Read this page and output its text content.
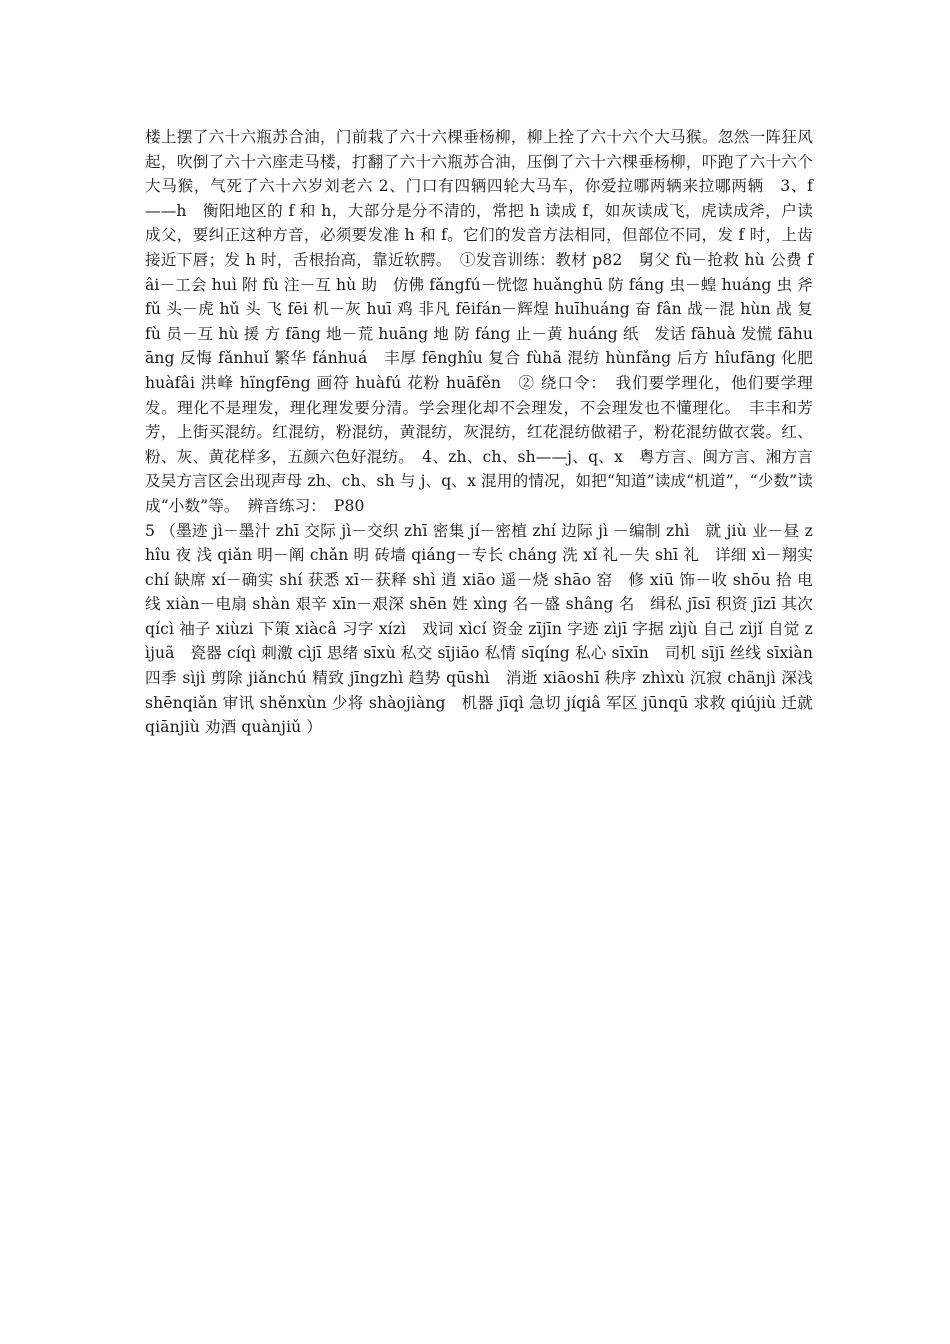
楼上摆了六十六瓶苏合油，门前栽了六十六棵垂杨柳，柳上拴了六十六个大马猴。忽然一阵狂风起，吹倒了六十六座走马楼，打翻了六十六瓶苏合油，压倒了六十六棵垂杨柳，吓跑了六十六个大马猴，气死了六十六岁刘老六 2、门口有四辆四轮大马车，你爱拉哪两辆来拉哪两辆　3、f——h　衡阳地区的 f 和 h，大部分是分不清的，常把 h 读成 f，如灰读成飞，虎读成斧，户读成父，要纠正这种方音，必须要发准 h 和 f。它们的发音方法相同，但部位不同，发 f 时，上齿接近下唇；发 h 时，舌根抬高，靠近软腭。　①发音训练：教材 p82　舅父 fù－抢救 hù 公费 fâi－工会 huì 附 fù 注－互 hù 助　仿佛 fǎngfú－恍惚 huǎnghū 防 fáng 虫－蝗 huáng 虫 斧 fǔ 头－虎 hǔ 头 飞 fēi 机－灰 huī 鸡 非凡 fēifán－辉煌 huīhuáng 奋 fân 战－混 hùn 战 复 fù 员－互 hù 援 方 fāng 地－荒 huāng 地 防 fáng 止－黄 huáng 纸　发话 fāhuà 发慌 fāhuāng 反悔 fǎnhuǐ 繁华 fánhuá　丰厚 fēnghîu 复合 fùhã 混纺 hùnfǎng 后方 hîufāng 化肥 huàfâi 洪峰 hïngfēng 画符 huàfú 花粉 huāfěn　② 绕口令：　我们要学理化，他们要学理发。理化不是理发，理化理发要分清。学会理化却不会理发，不会理发也不懂理化。　丰丰和芳芳，上街买混纺。红混纺，粉混纺，黄混纺，灰混纺，红花混纺做裙子，粉花混纺做衣裳。红、粉、灰、黄花样多，五颜六色好混纺。　4、zh、ch、sh——j、q、x　粤方言、闽方言、湘方言及吴方言区会出现声母 zh、ch、sh 与 j、q、x 混用的情况，如把“知道”读成“机道”，“少数”读成“小数”等。　辨音练习：　P80

5 （墨迹 jì－墨汁 zhī 交际 jì－交织 zhī 密集 jí－密植 zhí 边际 jì －编制 zhì　就 jiù 业－昼 zhîu 夜 浅 qiǎn 明－阐 chǎn 明 砖墙 qiáng－专长 cháng 洗 xǐ 礼－失 shī 礼　详细 xì－翔实 chí 缺席 xí－确实 shí 获悉 xī－获释 shì 逍 xiāo 遥－烧 shāo 窑　修 xiū 饰－收 shōu 拾 电线 xiàn－电扇 shàn 艰辛 xīn－艰深 shēn 姓 xìng 名－盛 shâng 名　缉私 jīsī 积资 jīzī 其次 qícì 袖子 xiùzi 下策 xiàcâ 习字 xízì　戏词 xìcí 资金 zījīn 字迹 zìjī 字据 zìjù 自己 zìjǐ 自觉 zìjuã　瓷器 cíqì 刺激 cìjī 思绪 sīxù 私交 sījiāo 私情 sīqíng 私心 sīxīn　司机 sījī 丝线 sīxiàn 四季 sìjì 剪除 jiǎnchú 精致 jīngzhì 趋势 qūshì　消逝 xiāoshī 秩序 zhìxù 沉寂 chãnjì 深浅 shēnqiǎn 审讯 shěnxùn 少将 shàojiàng　机器 jīqì 急切 jíqiâ 军区 jūnqū 求救 qiújiù 迁就 qiānjiù 劝酒 quànjiǔ ）
